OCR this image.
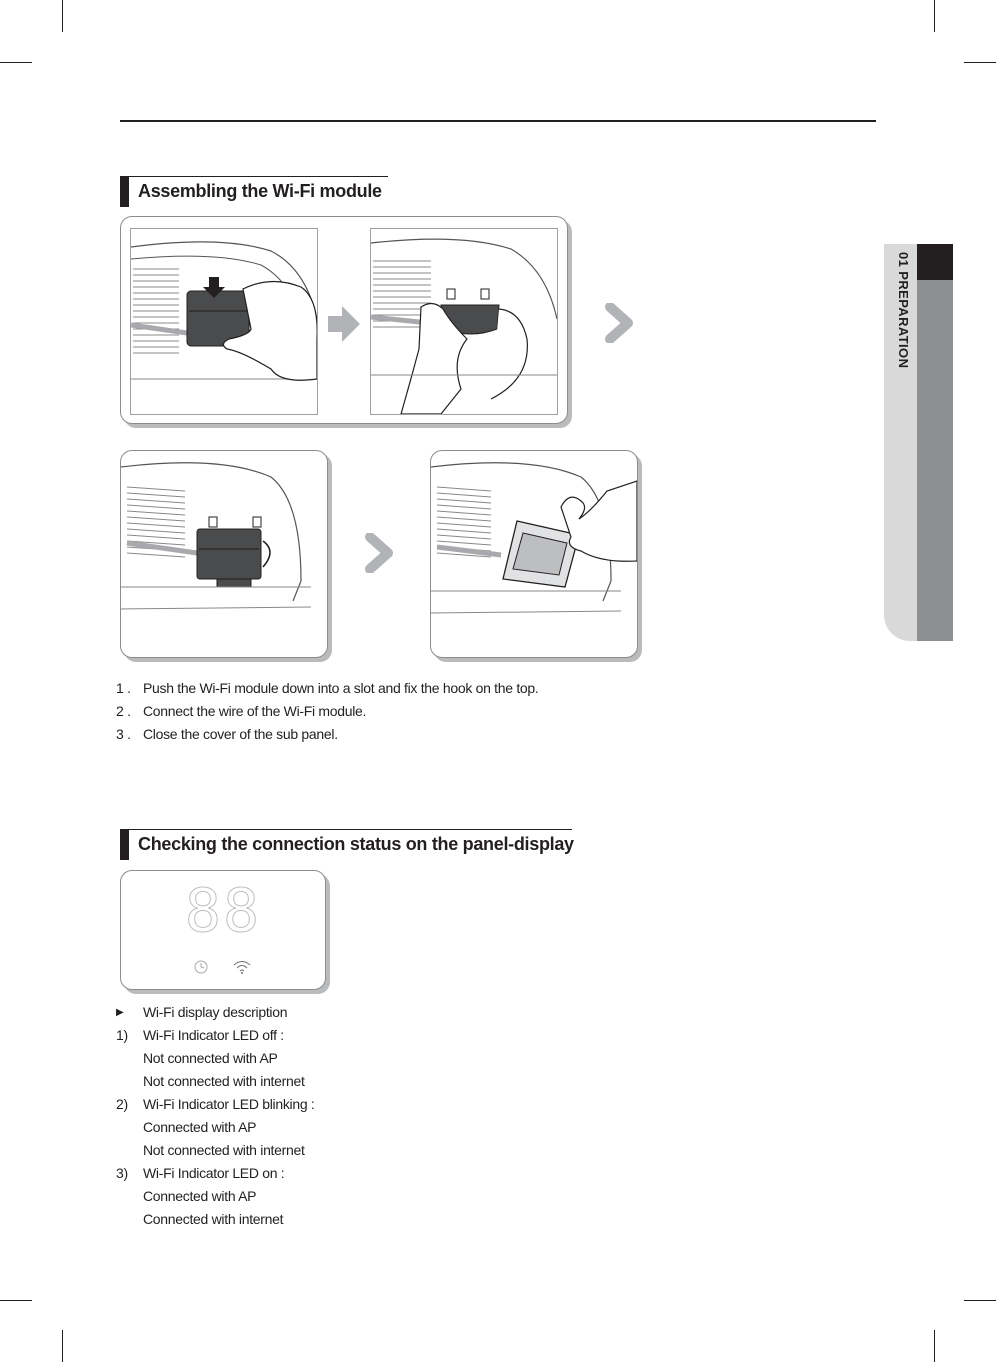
01 PREPARATION
Assembling the Wi-Fi module
1 . Push the Wi-Fi module down into a slot and fix the hook on the top.
2 . Connect the wire of the Wi-Fi module.
3 . Close the cover of the sub panel.
Checking the connection status on the panel-display
88
▶ Wi-Fi display description
1) Wi-Fi Indicator LED off :
Not connected with AP
Not connected with internet
2) Wi-Fi Indicator LED blinking :
Connected with AP
Not connected with internet
3) Wi-Fi Indicator LED on :
Connected with AP
Connected with internet
